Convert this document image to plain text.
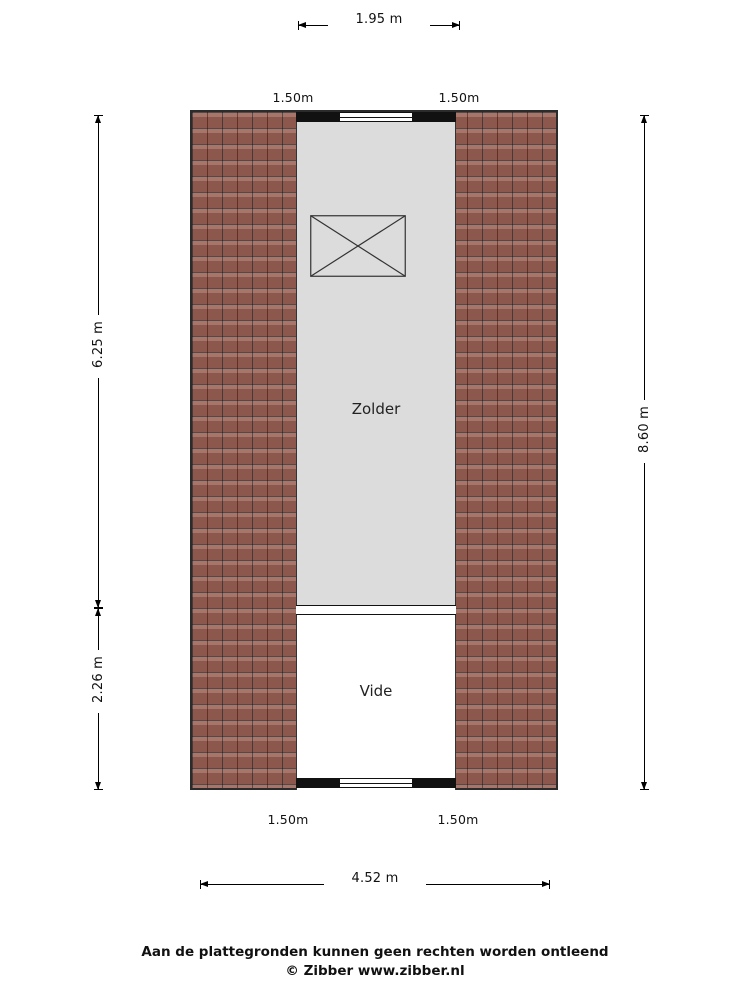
1.95 m
1.50m	1.50m
6.25 m
2.26 m
8.60 m
Zolder
Vide
1.50m	1.50m
4.52 m
Aan de plattegronden kunnen geen rechten worden ontleend
© Zibber www.zibber.nl
